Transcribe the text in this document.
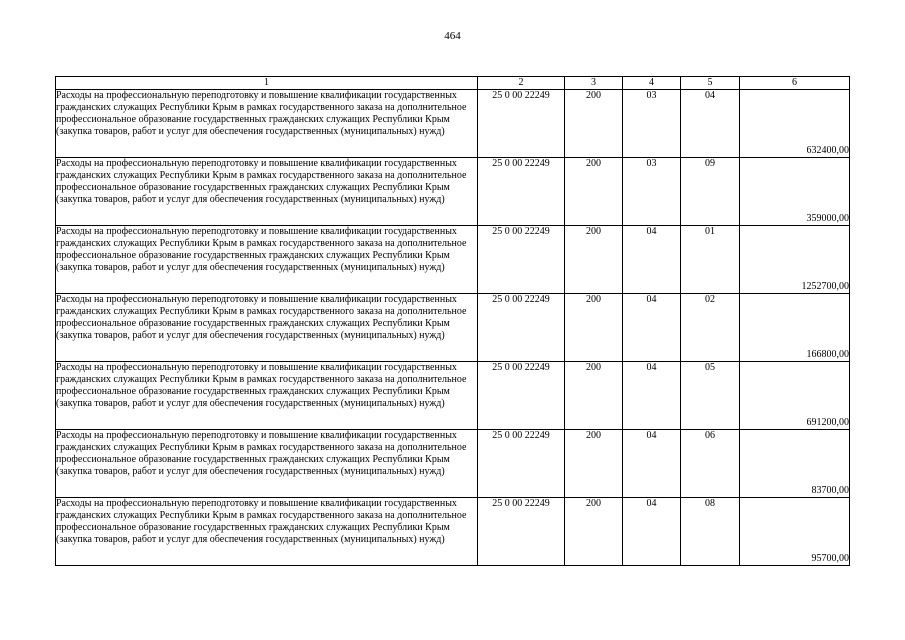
464
1	2	3	4	5	6
Расходы на профессиональную переподготовку и повышение квалификации государственных гражданских служащих Республики Крым в рамках государственного заказа на дополнительное профессиональное образование государственных гражданских служащих Республики Крым (закупка товаров, работ и услуг для обеспечения государственных (муниципальных) нужд)	25 0 00 22249	200	03	04	632400,00
Расходы на профессиональную переподготовку и повышение квалификации государственных гражданских служащих Республики Крым в рамках государственного заказа на дополнительное профессиональное образование государственных гражданских служащих Республики Крым (закупка товаров, работ и услуг для обеспечения государственных (муниципальных) нужд)	25 0 00 22249	200	03	09	359000,00
Расходы на профессиональную переподготовку и повышение квалификации государственных гражданских служащих Республики Крым в рамках государственного заказа на дополнительное профессиональное образование государственных гражданских служащих Республики Крым (закупка товаров, работ и услуг для обеспечения государственных (муниципальных) нужд)	25 0 00 22249	200	04	01	1252700,00
Расходы на профессиональную переподготовку и повышение квалификации государственных гражданских служащих Республики Крым в рамках государственного заказа на дополнительное профессиональное образование государственных гражданских служащих Республики Крым (закупка товаров, работ и услуг для обеспечения государственных (муниципальных) нужд)	25 0 00 22249	200	04	02	166800,00
Расходы на профессиональную переподготовку и повышение квалификации государственных гражданских служащих Республики Крым в рамках государственного заказа на дополнительное профессиональное образование государственных гражданских служащих Республики Крым (закупка товаров, работ и услуг для обеспечения государственных (муниципальных) нужд)	25 0 00 22249	200	04	05	691200,00
Расходы на профессиональную переподготовку и повышение квалификации государственных гражданских служащих Республики Крым в рамках государственного заказа на дополнительное профессиональное образование государственных гражданских служащих Республики Крым (закупка товаров, работ и услуг для обеспечения государственных (муниципальных) нужд)	25 0 00 22249	200	04	06	83700,00
Расходы на профессиональную переподготовку и повышение квалификации государственных гражданских служащих Республики Крым в рамках государственного заказа на дополнительное профессиональное образование государственных гражданских служащих Республики Крым (закупка товаров, работ и услуг для обеспечения государственных (муниципальных) нужд)	25 0 00 22249	200	04	08	95700,00
